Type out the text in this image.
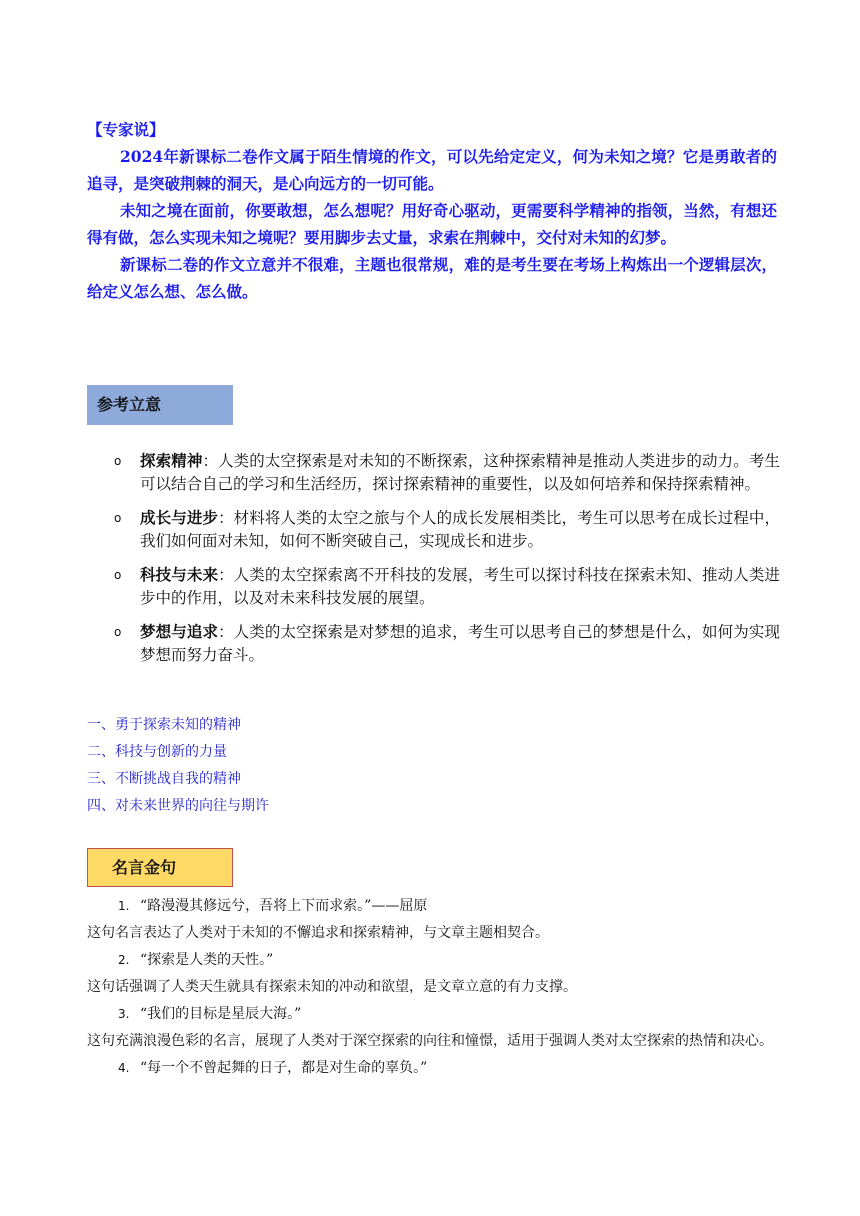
【专家说】

2024年新课标二卷作文属于陌生情境的作文，可以先给定定义，何为未知之境？它是勇敢者的追寻，是突破荆棘的洞天，是心向远方的一切可能。

未知之境在面前，你要敢想，怎么想呢？用好奇心驱动，更需要科学精神的指领，当然，有想还得有做，怎么实现未知之境呢？要用脚步去丈量，求索在荆棘中，交付对未知的幻梦。

新课标二卷的作文立意并不很难，主题也很常规，难的是考生要在考场上构炼出一个逻辑层次，给定义怎么想、怎么做。

参考立意
o 探索精神：人类的太空探索是对未知的不断探索，这种探索精神是推动人类进步的动力。考生可以结合自己的学习和生活经历，探讨探索精神的重要性，以及如何培养和保持探索精神。
o 成长与进步：材料将人类的太空之旅与个人的成长发展相类比，考生可以思考在成长过程中，我们如何面对未知，如何不断突破自己，实现成长和进步。
o 科技与未来：人类的太空探索离不开科技的发展，考生可以探讨科技在探索未知、推动人类进步中的作用，以及对未来科技发展的展望。
o 梦想与追求：人类的太空探索是对梦想的追求，考生可以思考自己的梦想是什么，如何为实现梦想而努力奋斗。
一、勇于探索未知的精神
二、科技与创新的力量
三、不断挑战自我的精神
四、对未来世界的向往与期许
名言金句
1. “路漫漫其修远兮，吾将上下而求索。”——屈原
这句名言表达了人类对于未知的不懈追求和探索精神，与文章主题相契合。
2. “探索是人类的天性。”
这句话强调了人类天生就具有探索未知的冲动和欲望，是文章立意的有力支撑。
3. “我们的目标是星辰大海。”
这句充满浪漫色彩的名言，展现了人类对于深空探索的向往和憧憬，适用于强调人类对太空探索的热情和决心。
4. “每一个不曾起舞的日子，都是对生命的辜负。”
